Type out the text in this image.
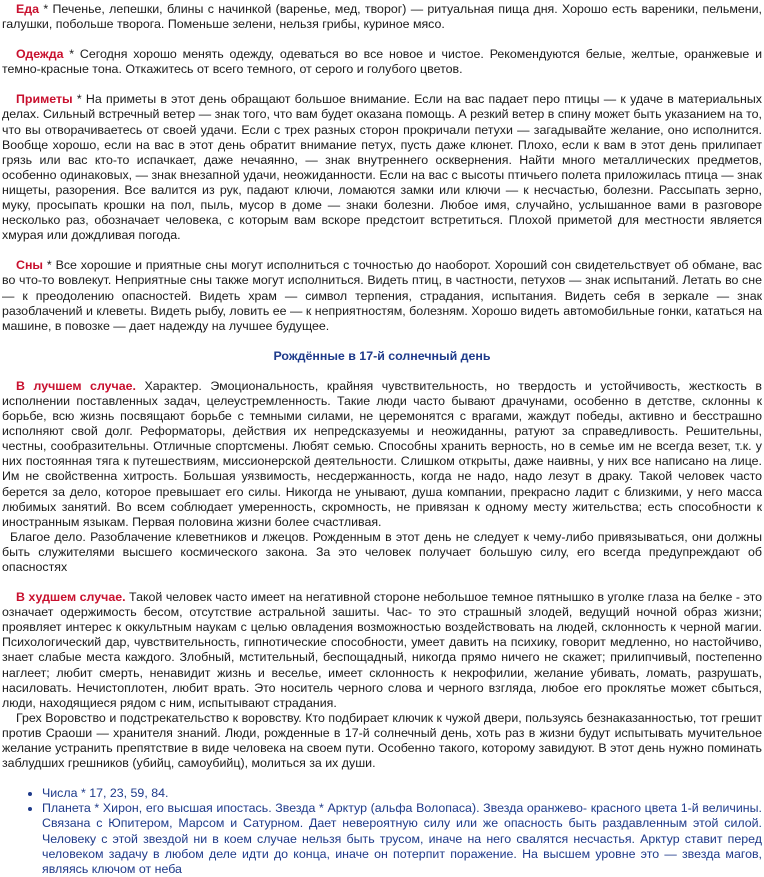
Еда * Печенье, лепешки, блины с начинкой (варенье, мед, творог) — ритуальная пища дня. Хорошо есть вареники, пельмени, галушки, побольше творога. Поменьше зелени, нельзя грибы, куриное мясо.

Одежда * Сегодня хорошо менять одежду, одеваться во все новое и чистое. Рекомендуются белые, желтые, оранжевые и темно-красные тона. Откажитесь от всего темного, от серого и голубого цветов.

Приметы * На приметы в этот день обращают большое внимание. Если на вас падает перо птицы — к удаче в материальных делах. Сильный встречный ветер — знак того, что вам будет оказана помощь. А резкий ветер в спину может быть указанием на то, что вы отворачиваетесь от своей удачи. Если с трех разных сторон прокричали петухи — загадывайте желание, оно исполнится. Вообще хорошо, если на вас в этот день обратит внимание петух, пусть даже клюнет. Плохо, если к вам в этот день прилипает грязь или вас кто-то испачкает, даже нечаянно, — знак внутреннего осквернения. Найти много металлических предметов, особенно одинаковых, — знак внезапной удачи, неожиданности. Если на вас с высоты птичьего полета приложилась птица — знак нищеты, разорения. Все валится из рук, падают ключи, ломаются замки или ключи — к несчастью, болезни. Рассыпать зерно, муку, просыпать крошки на пол, пыль, мусор в доме — знаки болезни. Любое имя, случайно, услышанное вами в разговоре несколько раз, обозначает человека, с которым вам вскоре предстоит встретиться. Плохой приметой для местности является хмурая или дождливая погода.

Сны * Все хорошие и приятные сны могут исполниться с точностью до наоборот. Хороший сон свидетельствует об обмане, вас во что-то вовлекут. Неприятные сны также могут исполниться. Видеть птиц, в частности, петухов — знак испытаний. Летать во сне — к преодолению опасностей. Видеть храм — символ терпения, страдания, испытания. Видеть себя в зеркале — знак разоблачений и клеветы. Видеть рыбу, ловить ее — к неприятностям, болезням. Хорошо видеть автомобильные гонки, кататься на машине, в повозке — дает надежду на лучшее будущее.

Рождённые в 17-й солнечный день

В лучшем случае. Характер. Эмоциональность, крайняя чувствительность, но твердость и устойчивость, жесткость в исполнении поставленных задач, целеустремленность. Такие люди часто бывают драчунами, особенно в детстве, склонны к борьбе, всю жизнь посвящают борьбе с темными силами, не церемонятся с врагами, жаждут победы, активно и бесстрашно исполняют свой долг. Реформаторы, действия их непредсказуемы и неожиданны, ратуют за справедливость. Решительны, честны, сообразительны. Отличные спортсмены. Любят семью. Способны хранить верность, но в семье им не всегда везет, т.к. у них постоянная тяга к путешествиям, миссионерской деятельности. Слишком открыты, даже наивны, у них все написано на лице. Им не свойственна хитрость. Большая уязвимость, несдержанность, когда не надо, надо лезут в драку. Такой человек часто берется за дело, которое превышает его силы. Никогда не унывают, душа компании, прекрасно ладит с близкими, у него масса любимых занятий. Во всем соблюдает умеренность, скромность, не привязан к одному месту жительства; есть способности к иностранным языкам. Первая половина жизни более счастливая.

Благое дело. Разоблачение клеветников и лжецов. Рожденным в этот день не следует к чему-либо привязываться, они должны быть служителями высшего космического закона. За это человек получает большую силу, его всегда предупреждают об опасностях

В худшем случае. Такой человек часто имеет на негативной стороне небольшое темное пятнышко в уголке глаза на белке - это означает одержимость бесом, отсутствие астральной зашиты. Час- то это страшный злодей, ведущий ночной образ жизни; проявляет интерес к оккультным наукам с целью овладения возможностью воздействовать на людей, склонность к черной магии. Психологический дар, чувствительность, гипнотические способности, умеет давить на психику, говорит медленно, но настойчиво, знает слабые места каждого. Злобный, мстительный, беспощадный, никогда прямо ничего не скажет; прилипчивый, постепенно наглеет; любит смерть, ненавидит жизнь и веселье, имеет склонность к некрофилии, желание убивать, ломать, разрушать, насиловать. Нечистоплотен, любит врать. Это носитель черного слова и черного взгляда, любое его проклятье может сбыться, люди, находящиеся рядом с ним, испытывают страдания.

Грех Воровство и подстрекательство к воровству. Кто подбирает ключик к чужой двери, пользуясь безнаказанностью, тот грешит против Сраоши — хранителя знаний. Люди, рожденные в 17-й солнечный день, хоть раз в жизни будут испытывать мучительное желание устранить препятствие в виде человека на своем пути. Особенно такого, которому завидуют. В этот день нужно поминать заблудших грешников (убийц, самоубийц), молиться за их души.

• Числа * 17, 23, 59, 84.
• Планета * Хирон, его высшая ипостась. Звезда * Арктур (альфа Волопаса). Звезда оранжево- красного цвета 1-й величины. Связана с Юпитером, Марсом и Сатурном. Дает невероятную силу или же опасность быть раздавленным этой силой. Человеку с этой звездой ни в коем случае нельзя быть трусом, иначе на него свалятся несчастья. Арктур ставит перед человеком задачу в любом деле идти до конца, иначе он потерпит поражение. На высшем уровне это — звезда магов, являясь ключом от неба
